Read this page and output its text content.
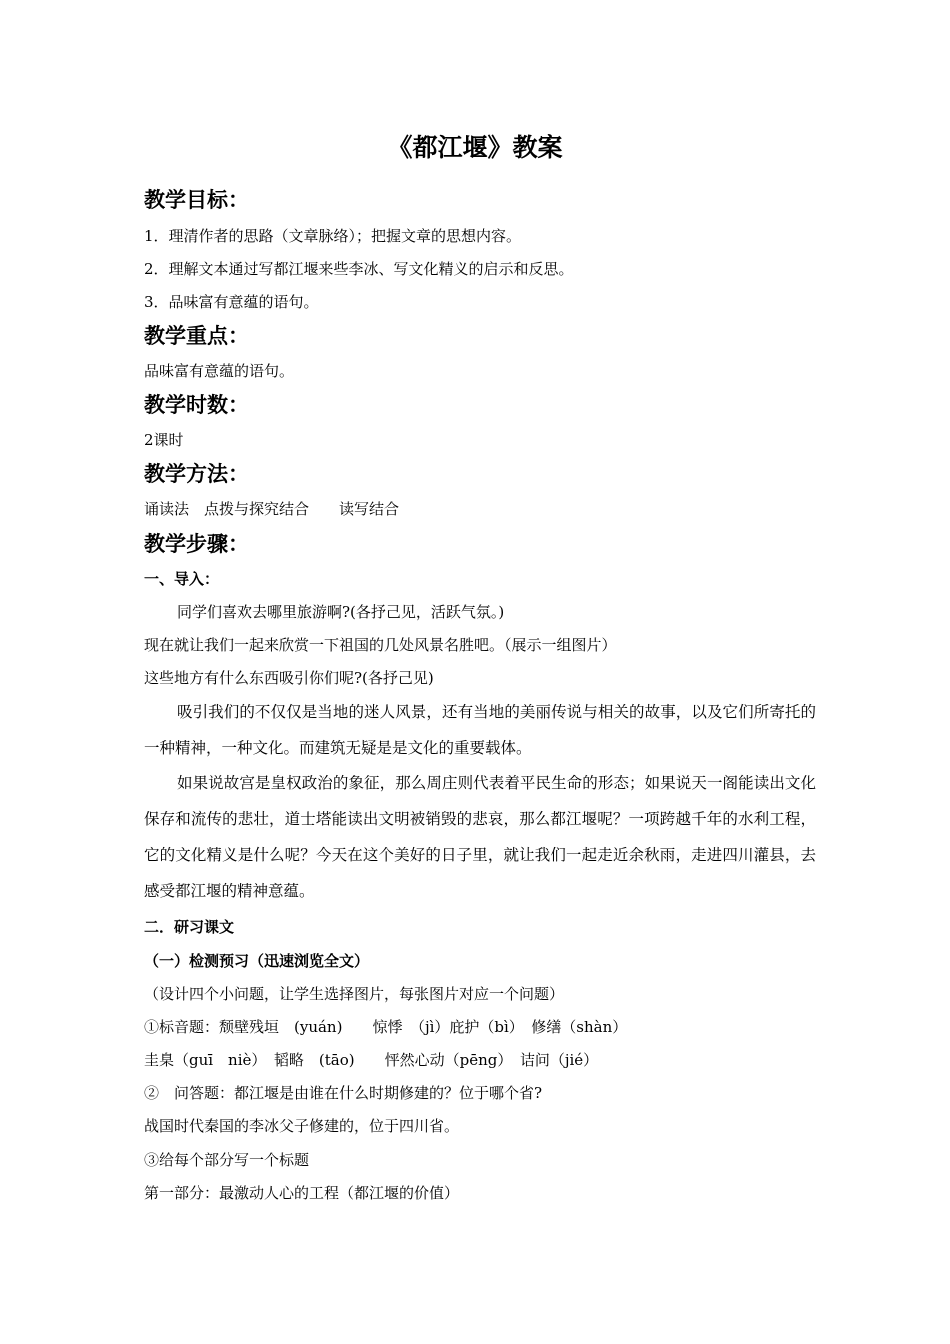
《都江堰》教案
教学目标：
1．理清作者的思路（文章脉络）；把握文章的思想内容。
2．理解文本通过写都江堰来些李冰、写文化精义的启示和反思。
3．品味富有意蕴的语句。
教学重点：
品味富有意蕴的语句。
教学时数：
2课时
教学方法：
诵读法　点拨与探究结合　　读写结合
教学步骤：
一、导入：
同学们喜欢去哪里旅游啊?(各抒己见，活跃气氛。)
现在就让我们一起来欣赏一下祖国的几处风景名胜吧。（展示一组图片）
这些地方有什么东西吸引你们呢?(各抒己见)
吸引我们的不仅仅是当地的迷人风景，还有当地的美丽传说与相关的故事，以及它们所寄托的一种精神，一种文化。而建筑无疑是是文化的重要载体。
如果说故宫是皇权政治的象征，那么周庄则代表着平民生命的形态；如果说天一阁能读出文化保存和流传的悲壮，道士塔能读出文明被销毁的悲哀，那么都江堰呢？一项跨越千年的水利工程，它的文化精义是什么呢？今天在这个美好的日子里，就让我们一起走近余秋雨，走进四川灌县，去感受都江堰的精神意蕴。
二．研习课文
（一）检测预习（迅速浏览全文）
（设计四个小问题，让学生选择图片，每张图片对应一个问题）
①标音题：颓壁残垣　(yuán)　　惊悸　（jì）庇护（bì）　修缮（shàn）
圭臬（guī　niè）　韬略　(tāo)　　怦然心动（pēng）　诘问（jié）
②　问答题：都江堰是由谁在什么时期修建的？位于哪个省?
战国时代秦国的李冰父子修建的，位于四川省。
③给每个部分写一个标题
第一部分：最激动人心的工程（都江堰的价值）
